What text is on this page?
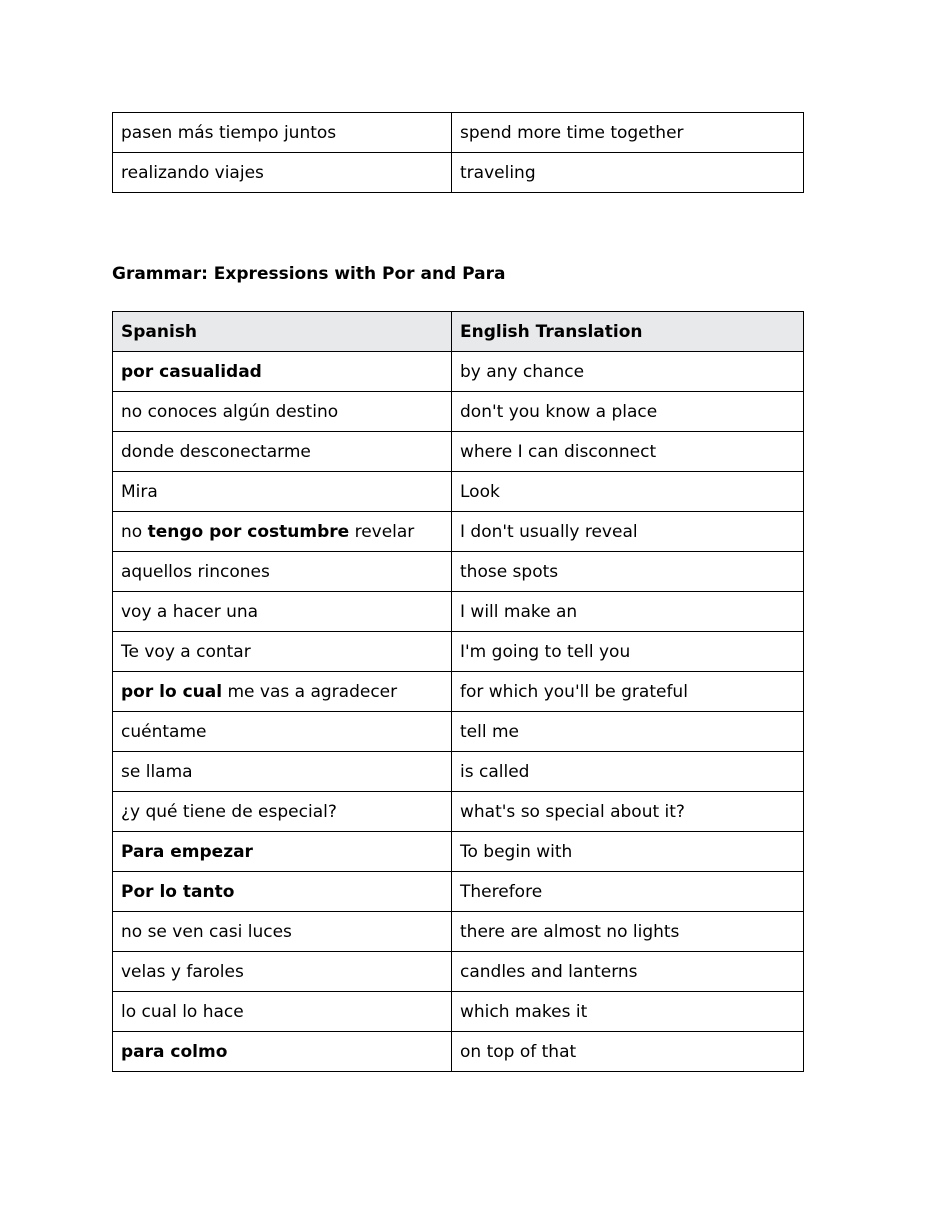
pasen más tiempo juntos	spend more time together
realizando viajes	traveling
Grammar: Expressions with Por and Para
Spanish	English Translation
por casualidad	by any chance
no conoces algún destino	don't you know a place
donde desconectarme	where I can disconnect
Mira	Look
no tengo por costumbre revelar	I don't usually reveal
aquellos rincones	those spots
voy a hacer una	I will make an
Te voy a contar	I'm going to tell you
por lo cual me vas a agradecer	for which you'll be grateful
cuéntame	tell me
se llama	is called
¿y qué tiene de especial?	what's so special about it?
Para empezar	To begin with
Por lo tanto	Therefore
no se ven casi luces	there are almost no lights
velas y faroles	candles and lanterns
lo cual lo hace	which makes it
para colmo	on top of that
